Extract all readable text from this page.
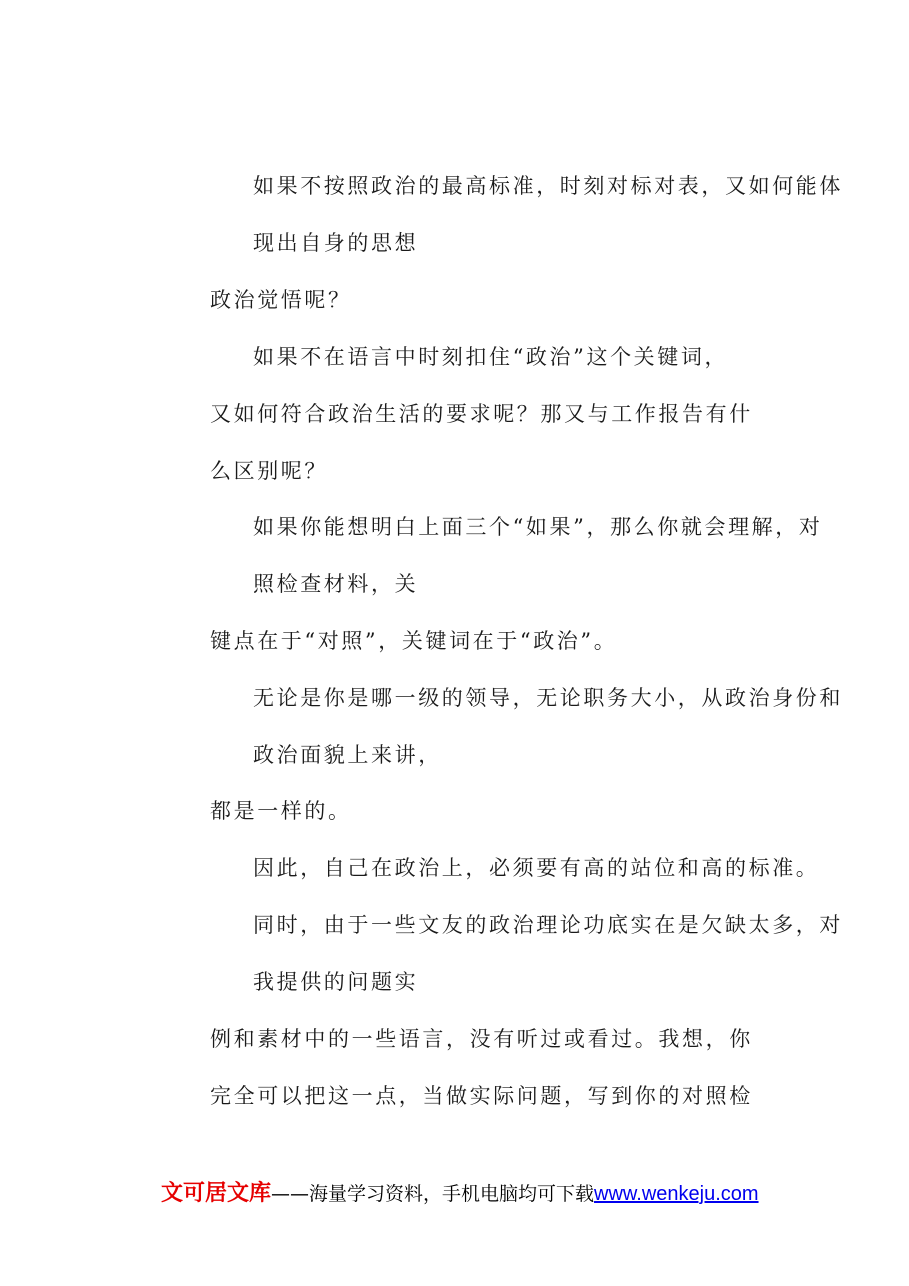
如果不按照政治的最高标准，时刻对标对表，又如何能体
现出自身的思想
政治觉悟呢？
如果不在语言中时刻扣住“政治”这个关键词，
又如何符合政治生活的要求呢？那又与工作报告有什
么区别呢？
如果你能想明白上面三个“如果”，那么你就会理解，对
照检查材料，关
键点在于“对照”，关键词在于“政治”。
无论是你是哪一级的领导，无论职务大小，从政治身份和
政治面貌上来讲，
都是一样的。
因此，自己在政治上，必须要有高的站位和高的标准。
同时，由于一些文友的政治理论功底实在是欠缺太多，对
我提供的问题实
例和素材中的一些语言，没有听过或看过。我想，你
完全可以把这一点，当做实际问题，写到你的对照检
文可居文库——海量学习资料，手机电脑均可下载www.wenkeju.com
